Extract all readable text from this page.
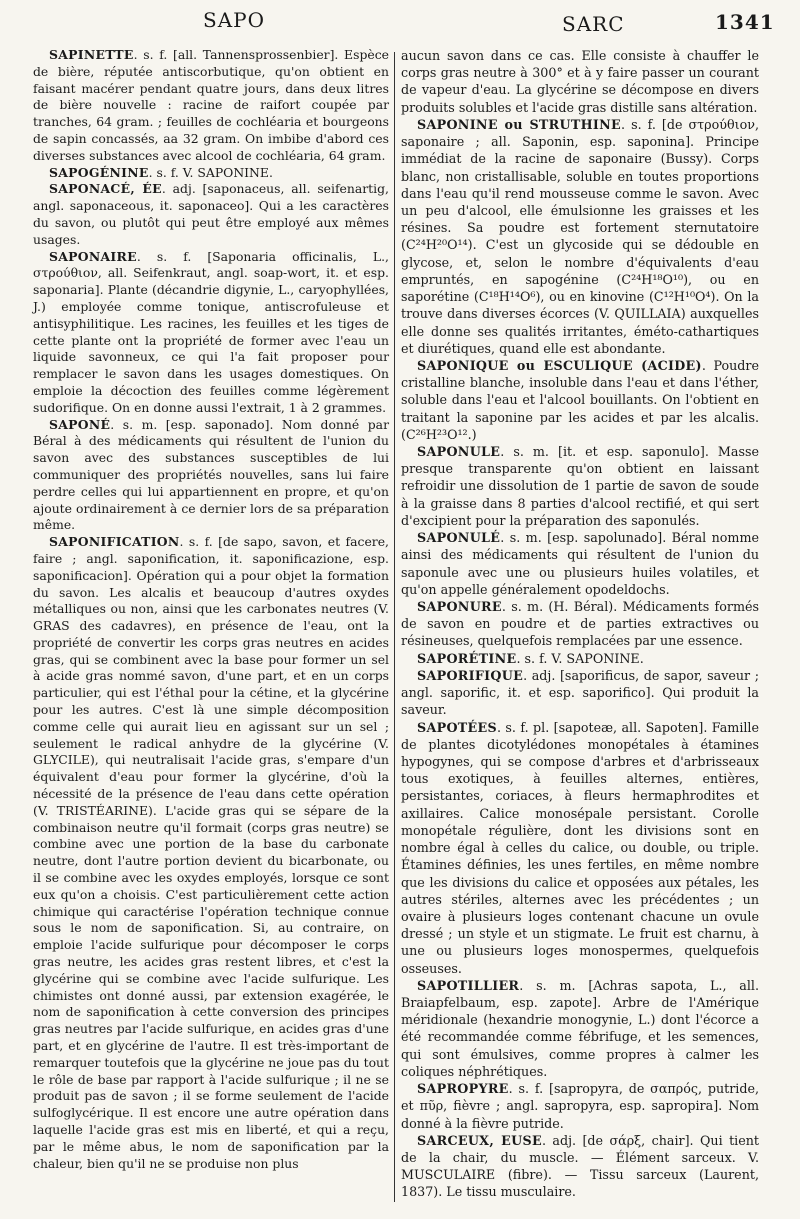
SAPO	SARC	1341

SAPINETTE. s. f. [all. Tannensprossenbier]. Espèce de bière, réputée antiscorbutique, qu'on obtient en faisant macérer pendant quatre jours, dans deux litres de bière nouvelle : racine de raifort coupée par tranches, 64 gram. ; feuilles de cochléaria et bourgeons de sapin concassés, aa 32 gram. On imbibe d'abord ces diverses substances avec alcool de cochléaria, 64 gram.

SAPOGÉNINE. s. f. V. SAPONINE.

SAPONACÉ, ÉE. adj. [saponaceus, all. seifenartig, angl. saponaceous, it. saponaceo]. Qui a les caractères du savon, ou plutôt qui peut être employé aux mêmes usages.

SAPONAIRE. s. f. [Saponaria officinalis, L., στρούθιον, all. Seifenkraut, angl. soap-wort, it. et esp. saponaria]. Plante (décandrie digynie, L., caryophyllées, J.) employée comme tonique, antiscrofuleuse et antisyphilitique. Les racines, les feuilles et les tiges de cette plante ont la propriété de former avec l'eau un liquide savonneux, ce qui l'a fait proposer pour remplacer le savon dans les usages domestiques. On emploie la décoction des feuilles comme légèrement sudorifique. On en donne aussi l'extrait, 1 à 2 grammes.

SAPONÉ. s. m. [esp. saponado]. Nom donné par Béral à des médicaments qui résultent de l'union du savon avec des substances susceptibles de lui communiquer des propriétés nouvelles, sans lui faire perdre celles qui lui appartiennent en propre, et qu'on ajoute ordinairement à ce dernier lors de sa préparation même.

SAPONIFICATION. s. f. [de sapo, savon, et facere, faire ; angl. saponification, it. saponificazione, esp. saponificacion]. Opération qui a pour objet la formation du savon. Les alcalis et beaucoup d'autres oxydes métalliques ou non, ainsi que les carbonates neutres (V. GRAS des cadavres), en présence de l'eau, ont la propriété de convertir les corps gras neutres en acides gras, qui se combinent avec la base pour former un sel à acide gras nommé savon, d'une part, et en un corps particulier, qui est l'éthal pour la cétine, et la glycérine pour les autres. C'est là une simple décomposition comme celle qui aurait lieu en agissant sur un sel ; seulement le radical anhydre de la glycérine (V. GLYCILE), qui neutralisait l'acide gras, s'empare d'un équivalent d'eau pour former la glycérine, d'où la nécessité de la présence de l'eau dans cette opération (V. TRISTÉARINE). L'acide gras qui se sépare de la combinaison neutre qu'il formait (corps gras neutre) se combine avec une portion de la base du carbonate neutre, dont l'autre portion devient du bicarbonate, ou il se combine avec les oxydes employés, lorsque ce sont eux qu'on a choisis. C'est particulièrement cette action chimique qui caractérise l'opération technique connue sous le nom de saponification. Si, au contraire, on emploie l'acide sulfurique pour décomposer le corps gras neutre, les acides gras restent libres, et c'est la glycérine qui se combine avec l'acide sulfurique. Les chimistes ont donné aussi, par extension exagérée, le nom de saponification à cette conversion des principes gras neutres par l'acide sulfurique, en acides gras d'une part, et en glycérine de l'autre. Il est très-important de remarquer toutefois que la glycérine ne joue pas du tout le rôle de base par rapport à l'acide sulfurique ; il ne se produit pas de savon ; il se forme seulement de l'acide sulfoglycérique. Il est encore une autre opération dans laquelle l'acide gras est mis en liberté, et qui a reçu, par le même abus, le nom de saponification par la chaleur, bien qu'il ne se produise non plus

aucun savon dans ce cas. Elle consiste à chauffer le corps gras neutre à 300° et à y faire passer un courant de vapeur d'eau. La glycérine se décompose en divers produits solubles et l'acide gras distille sans altération.

SAPONINE ou STRUTHINE. s. f. [de στρούθιον, saponaire ; all. Saponin, esp. saponina]. Principe immédiat de la racine de saponaire (Bussy). Corps blanc, non cristallisable, soluble en toutes proportions dans l'eau qu'il rend mousseuse comme le savon. Avec un peu d'alcool, elle émulsionne les graisses et les résines. Sa poudre est fortement sternutatoire (C²⁴H²⁰O¹⁴). C'est un glycoside qui se dédouble en glycose, et, selon le nombre d'équivalents d'eau empruntés, en sapogénine (C²⁴H¹⁸O¹⁰), ou en saporétine (C¹⁸H¹⁴O⁶), ou en kinovine (C¹²H¹⁰O⁴). On la trouve dans diverses écorces (V. QUILLAIA) auxquelles elle donne ses qualités irritantes, éméto-cathartiques et diurétiques, quand elle est abondante.

SAPONIQUE ou ESCULIQUE (ACIDE). Poudre cristalline blanche, insoluble dans l'eau et dans l'éther, soluble dans l'eau et l'alcool bouillants. On l'obtient en traitant la saponine par les acides et par les alcalis. (C²⁶H²³O¹².)

SAPONULE. s. m. [it. et esp. saponulo]. Masse presque transparente qu'on obtient en laissant refroidir une dissolution de 1 partie de savon de soude à la graisse dans 8 parties d'alcool rectifié, et qui sert d'excipient pour la préparation des saponulés.

SAPONULÉ. s. m. [esp. sapolunado]. Béral nomme ainsi des médicaments qui résultent de l'union du saponule avec une ou plusieurs huiles volatiles, et qu'on appelle généralement opodeldochs.

SAPONURE. s. m. (H. Béral). Médicaments formés de savon en poudre et de parties extractives ou résineuses, quelquefois remplacées par une essence.

SAPORÉTINE. s. f. V. SAPONINE.

SAPORIFIQUE. adj. [saporificus, de sapor, saveur ; angl. saporific, it. et esp. saporifico]. Qui produit la saveur.

SAPOTÉES. s. f. pl. [sapoteæ, all. Sapoten]. Famille de plantes dicotylédones monopétales à étamines hypogynes, qui se compose d'arbres et d'arbrisseaux tous exotiques, à feuilles alternes, entières, persistantes, coriaces, à fleurs hermaphrodites et axillaires. Calice monosépale persistant. Corolle monopétale régulière, dont les divisions sont en nombre égal à celles du calice, ou double, ou triple. Étamines définies, les unes fertiles, en même nombre que les divisions du calice et opposées aux pétales, les autres stériles, alternes avec les précédentes ; un ovaire à plusieurs loges contenant chacune un ovule dressé ; un style et un stigmate. Le fruit est charnu, à une ou plusieurs loges monospermes, quelquefois osseuses.

SAPOTILLIER. s. m. [Achras sapota, L., all. Braiapfelbaum, esp. zapote]. Arbre de l'Amérique méridionale (hexandrie monogynie, L.) dont l'écorce a été recommandée comme fébrifuge, et les semences, qui sont émulsives, comme propres à calmer les coliques néphrétiques.

SAPROPYRE. s. f. [sapropyra, de σαπρός, putride, et πῦρ, fièvre ; angl. sapropyra, esp. sapropira]. Nom donné à la fièvre putride.

SARCEUX, EUSE. adj. [de σάρξ, chair]. Qui tient de la chair, du muscle. — Élément sarceux. V. MUSCULAIRE (fibre). — Tissu sarceux (Laurent, 1837). Le tissu musculaire.
